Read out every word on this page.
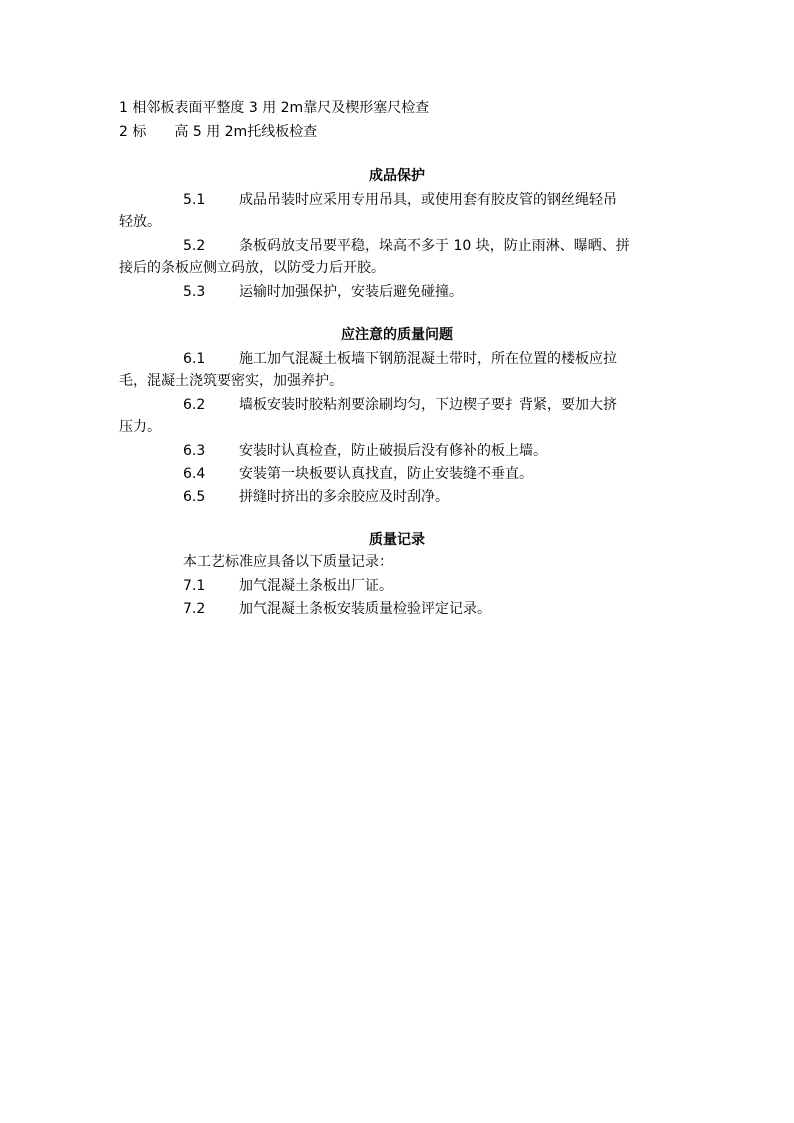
1 相邻板表面平整度 3 用 2m靠尺及楔形塞尺检查
2 标　　高 5 用 2m托线板检查
成品保护
5.1 成品吊装时应采用专用吊具，或使用套有胶皮管的钢丝绳轻吊
轻放。
5.2 条板码放支吊要平稳，垛高不多于 10 块，防止雨淋、曝晒、拼
接后的条板应侧立码放，以防受力后开胶。
5.3 运输时加强保护，安装后避免碰撞。
应注意的质量问题
6.1 施工加气混凝土板墙下钢筋混凝土带时，所在位置的楼板应拉
毛，混凝土浇筑要密实，加强养护。
6.2 墙板安装时胶粘剂要涂刷均匀，下边楔子要扌背紧，要加大挤
压力。
6.3 安装时认真检查，防止破损后没有修补的板上墙。
6.4 安装第一块板要认真找直，防止安装缝不垂直。
6.5 拼缝时挤出的多余胶应及时刮净。
质量记录
本工艺标准应具备以下质量记录：
7.1 加气混凝土条板出厂证。
7.2 加气混凝土条板安装质量检验评定记录。
